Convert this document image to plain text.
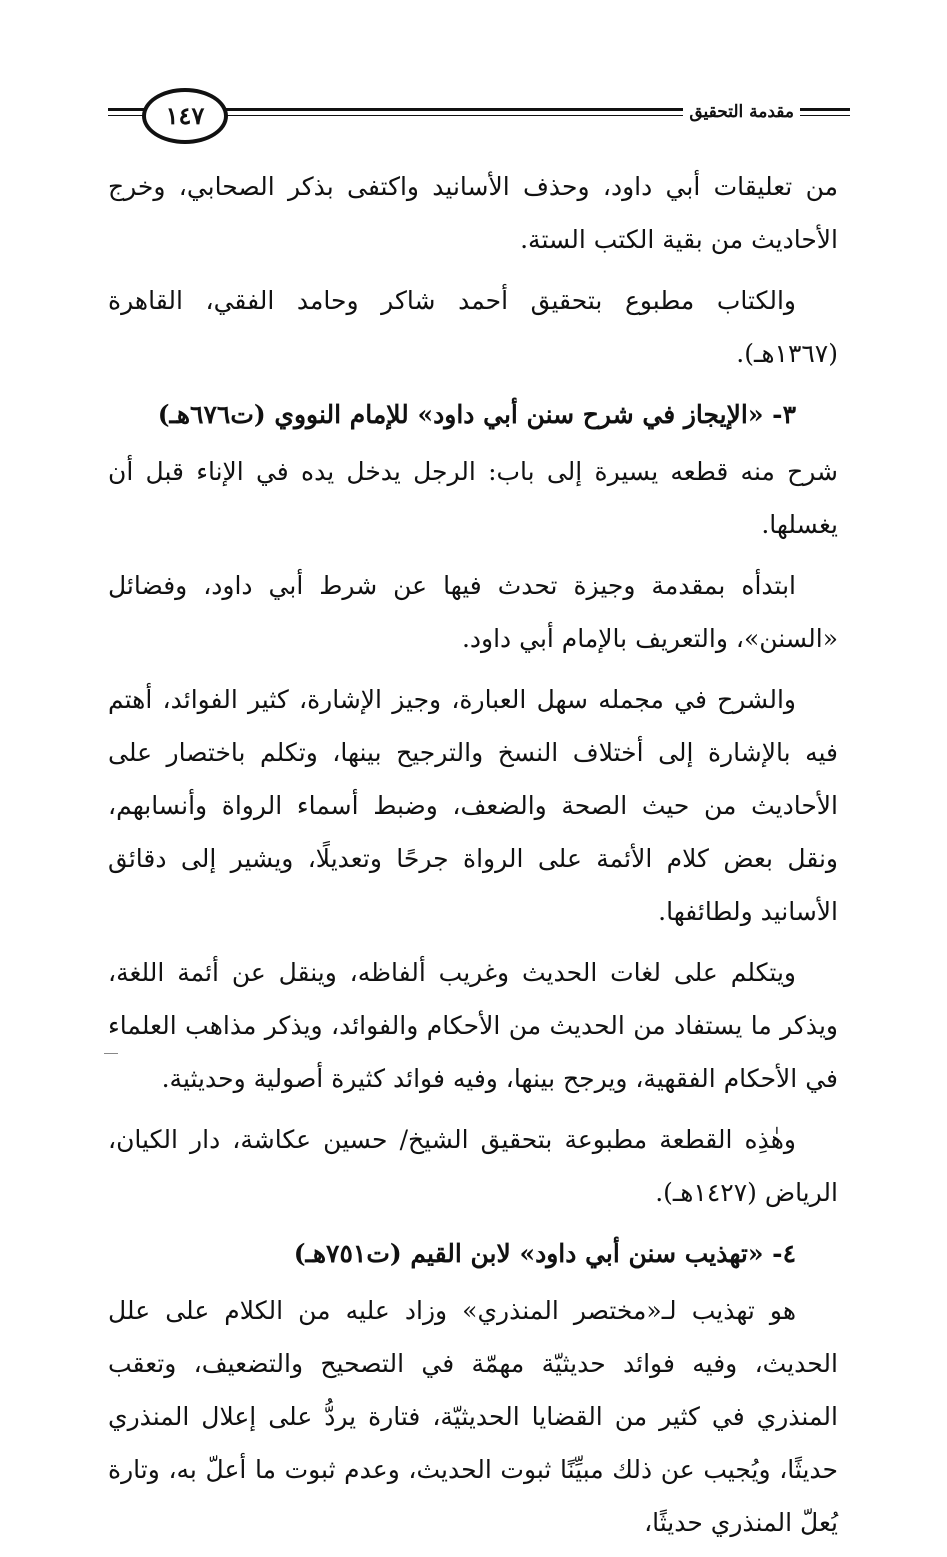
١٤٧	مقدمة التحقيق

من تعليقات أبي داود، وحذف الأسانيد واكتفى بذكر الصحابي، وخرج الأحاديث من بقية الكتب الستة.

والكتاب مطبوع بتحقيق أحمد شاكر وحامد الفقي، القاهرة (١٣٦٧هـ).

٣- «الإيجاز في شرح سنن أبي داود» للإمام النووي (ت٦٧٦هـ)

شرح منه قطعه يسيرة إلى باب: الرجل يدخل يده في الإناء قبل أن يغسلها.

ابتدأه بمقدمة وجيزة تحدث فيها عن شرط أبي داود، وفضائل «السنن»، والتعريف بالإمام أبي داود.

والشرح في مجمله سهل العبارة، وجيز الإشارة، كثير الفوائد، أهتم فيه بالإشارة إلى أختلاف النسخ والترجيح بينها، وتكلم باختصار على الأحاديث من حيث الصحة والضعف، وضبط أسماء الرواة وأنسابهم، ونقل بعض كلام الأئمة على الرواة جرحًا وتعديلًا، ويشير إلى دقائق الأسانيد ولطائفها.

ويتكلم على لغات الحديث وغريب ألفاظه، وينقل عن أئمة اللغة، ويذكر ما يستفاد من الحديث من الأحكام والفوائد، ويذكر مذاهب العلماء في الأحكام الفقهية، ويرجح بينها، وفيه فوائد كثيرة أصولية وحديثية.

وهٰذِه القطعة مطبوعة بتحقيق الشيخ/ حسين عكاشة، دار الكيان، الرياض (١٤٢٧هـ).

٤- «تهذيب سنن أبي داود» لابن القيم (ت٧٥١هـ)

هو تهذيب لـ«مختصر المنذري» وزاد عليه من الكلام على علل الحديث، وفيه فوائد حديثيّة مهمّة في التصحيح والتضعيف، وتعقب المنذري في كثير من القضايا الحديثيّة، فتارة يردُّ على إعلال المنذري حديثًا، ويُجيب عن ذلك مبيِّنًا ثبوت الحديث، وعدم ثبوت ما أعلّ به، وتارة يُعلّ المنذري حديثًا،
